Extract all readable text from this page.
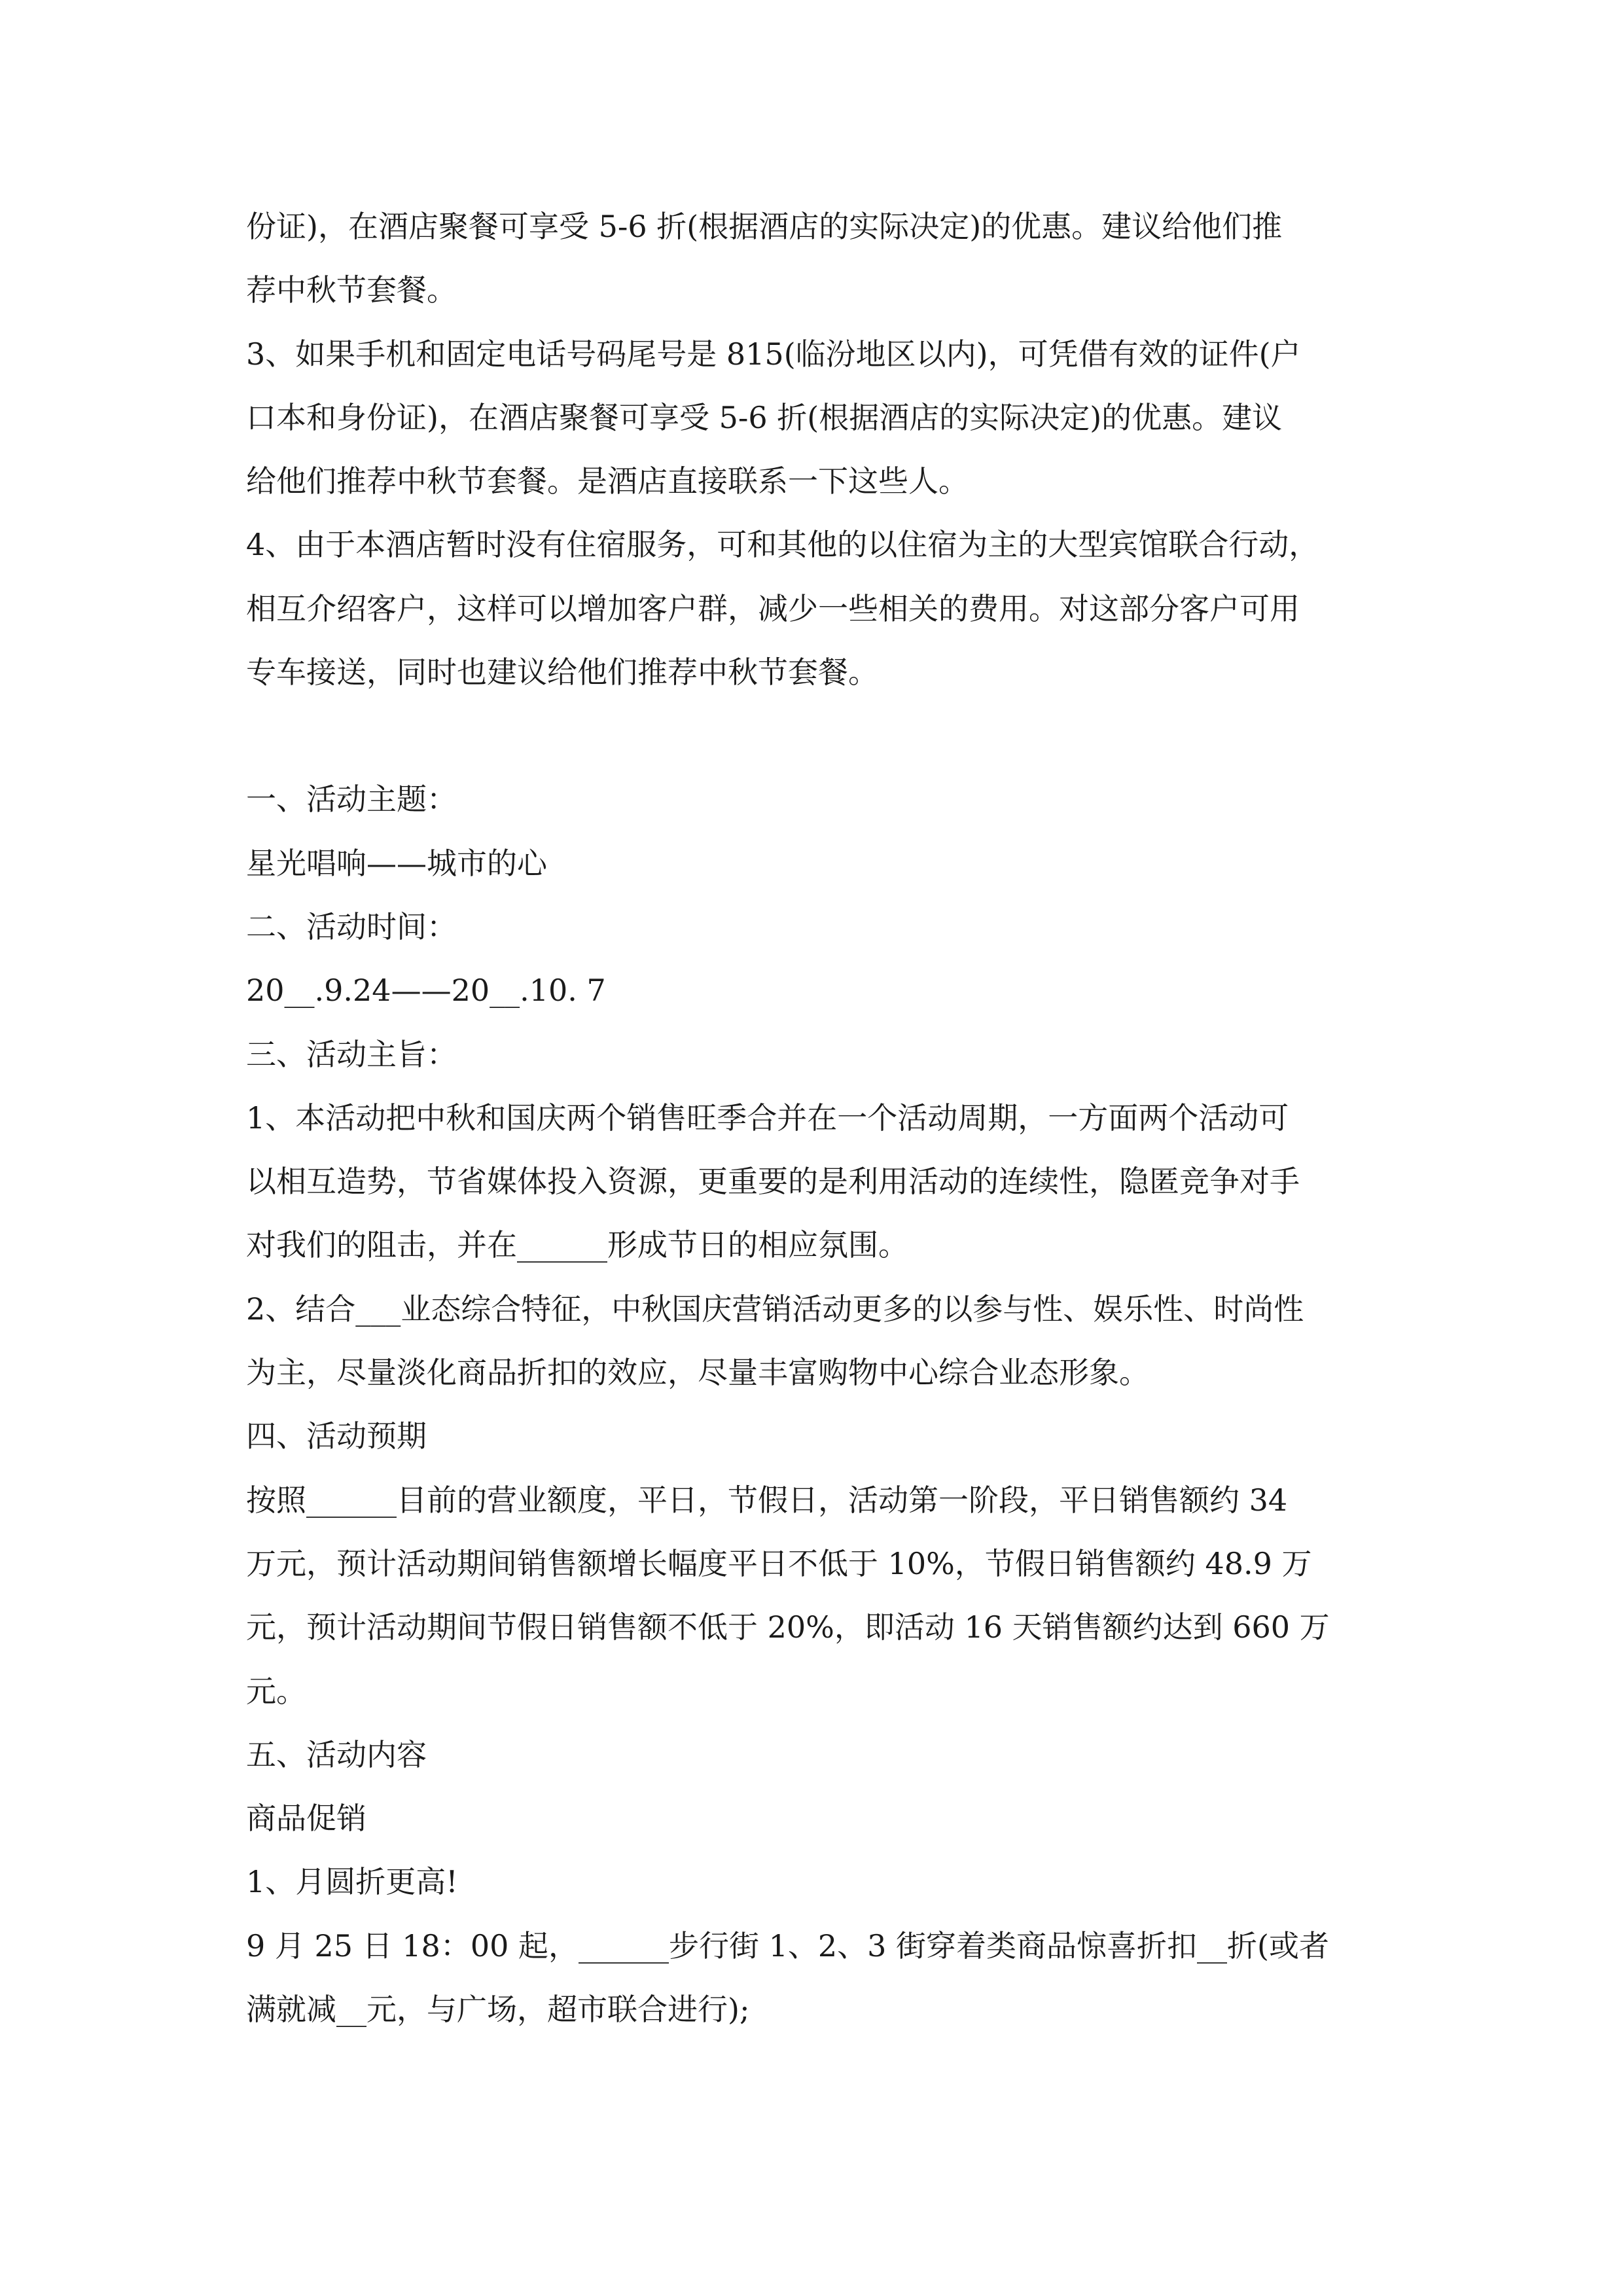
份证)，在酒店聚餐可享受 5-6 折(根据酒店的实际决定)的优惠。建议给他们推
荐中秋节套餐。
3、如果手机和固定电话号码尾号是 815(临汾地区以内)，可凭借有效的证件(户
口本和身份证)，在酒店聚餐可享受 5-6 折(根据酒店的实际决定)的优惠。建议
给他们推荐中秋节套餐。是酒店直接联系一下这些人。
4、由于本酒店暂时没有住宿服务，可和其他的以住宿为主的大型宾馆联合行动，
相互介绍客户，这样可以增加客户群，减少一些相关的费用。对这部分客户可用
专车接送，同时也建议给他们推荐中秋节套餐。
一、活动主题：
星光唱响——城市的心
二、活动时间：
20__.9.24——20__.10. 7
三、活动主旨：
1、本活动把中秋和国庆两个销售旺季合并在一个活动周期，一方面两个活动可
以相互造势，节省媒体投入资源，更重要的是利用活动的连续性，隐匿竞争对手
对我们的阻击，并在______形成节日的相应氛围。
2、结合___业态综合特征，中秋国庆营销活动更多的以参与性、娱乐性、时尚性
为主，尽量淡化商品折扣的效应，尽量丰富购物中心综合业态形象。
四、活动预期
按照______目前的营业额度，平日，节假日，活动第一阶段，平日销售额约 34
万元，预计活动期间销售额增长幅度平日不低于 10%，节假日销售额约 48.9 万
元，预计活动期间节假日销售额不低于 20%，即活动 16 天销售额约达到 660 万
元。
五、活动内容
商品促销
1、月圆折更高!
9 月 25 日 18：00 起，______步行街 1、2、3 街穿着类商品惊喜折扣__折(或者
满就减__元，与广场，超市联合进行);
